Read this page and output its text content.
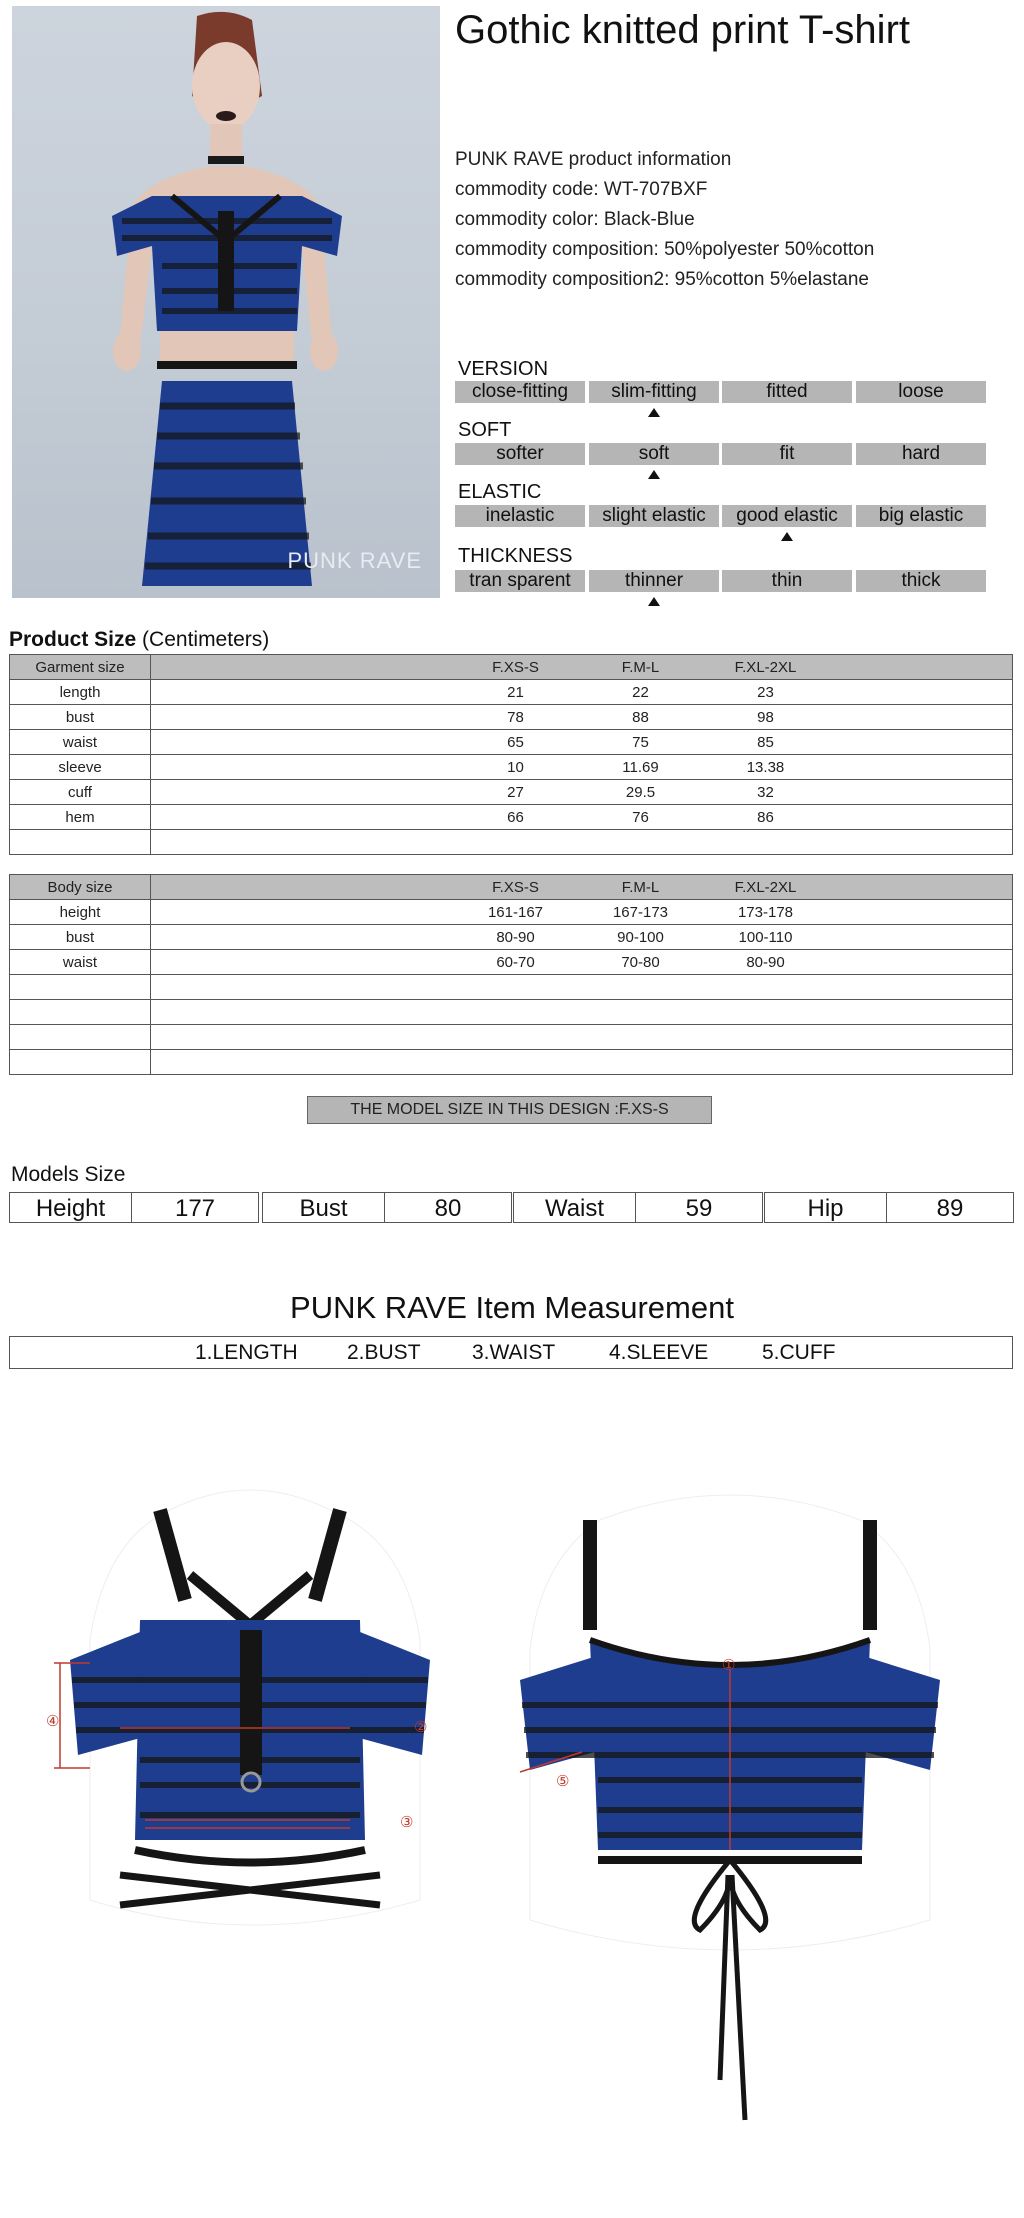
PUNK RAVE
Gothic knitted print T-shirt
PUNK RAVE product information
commodity code: WT-707BXF
commodity color: Black-Blue
commodity composition: 50%polyester 50%cotton
commodity composition2: 95%cotton 5%elastane
VERSION
SOFT
ELASTIC
THICKNESS
close-fitting	slim-fitting	fitted	loose
softer	soft	fit	hard
inelastic	slight elastic	good elastic	big elastic
tran sparent	thinner	thin	thick
Product Size (Centimeters)
Garment size	F.XS-S F.M-L F.XL-2XL

length	21 22 23

bust	78 88 98

waist	65 75 85

sleeve	10 11.69 13.38

cuff	27 29.5 32

hem	66 76 86

Body size	F.XS-S F.M-L F.XL-2XL

height	161-167 167-173 173-178

bust	80-90 90-100 100-110

waist	60-70 70-80 80-90

THE MODEL SIZE IN THIS DESIGN :F.XS-S
Models Size
Height	177	Bust	80	Waist	59	Hip	89
PUNK RAVE Item Measurement
1.LENGTH 2.BUST 3.WAIST	4.SLEEVE	5.CUFF
④	②
③
①
⑤
